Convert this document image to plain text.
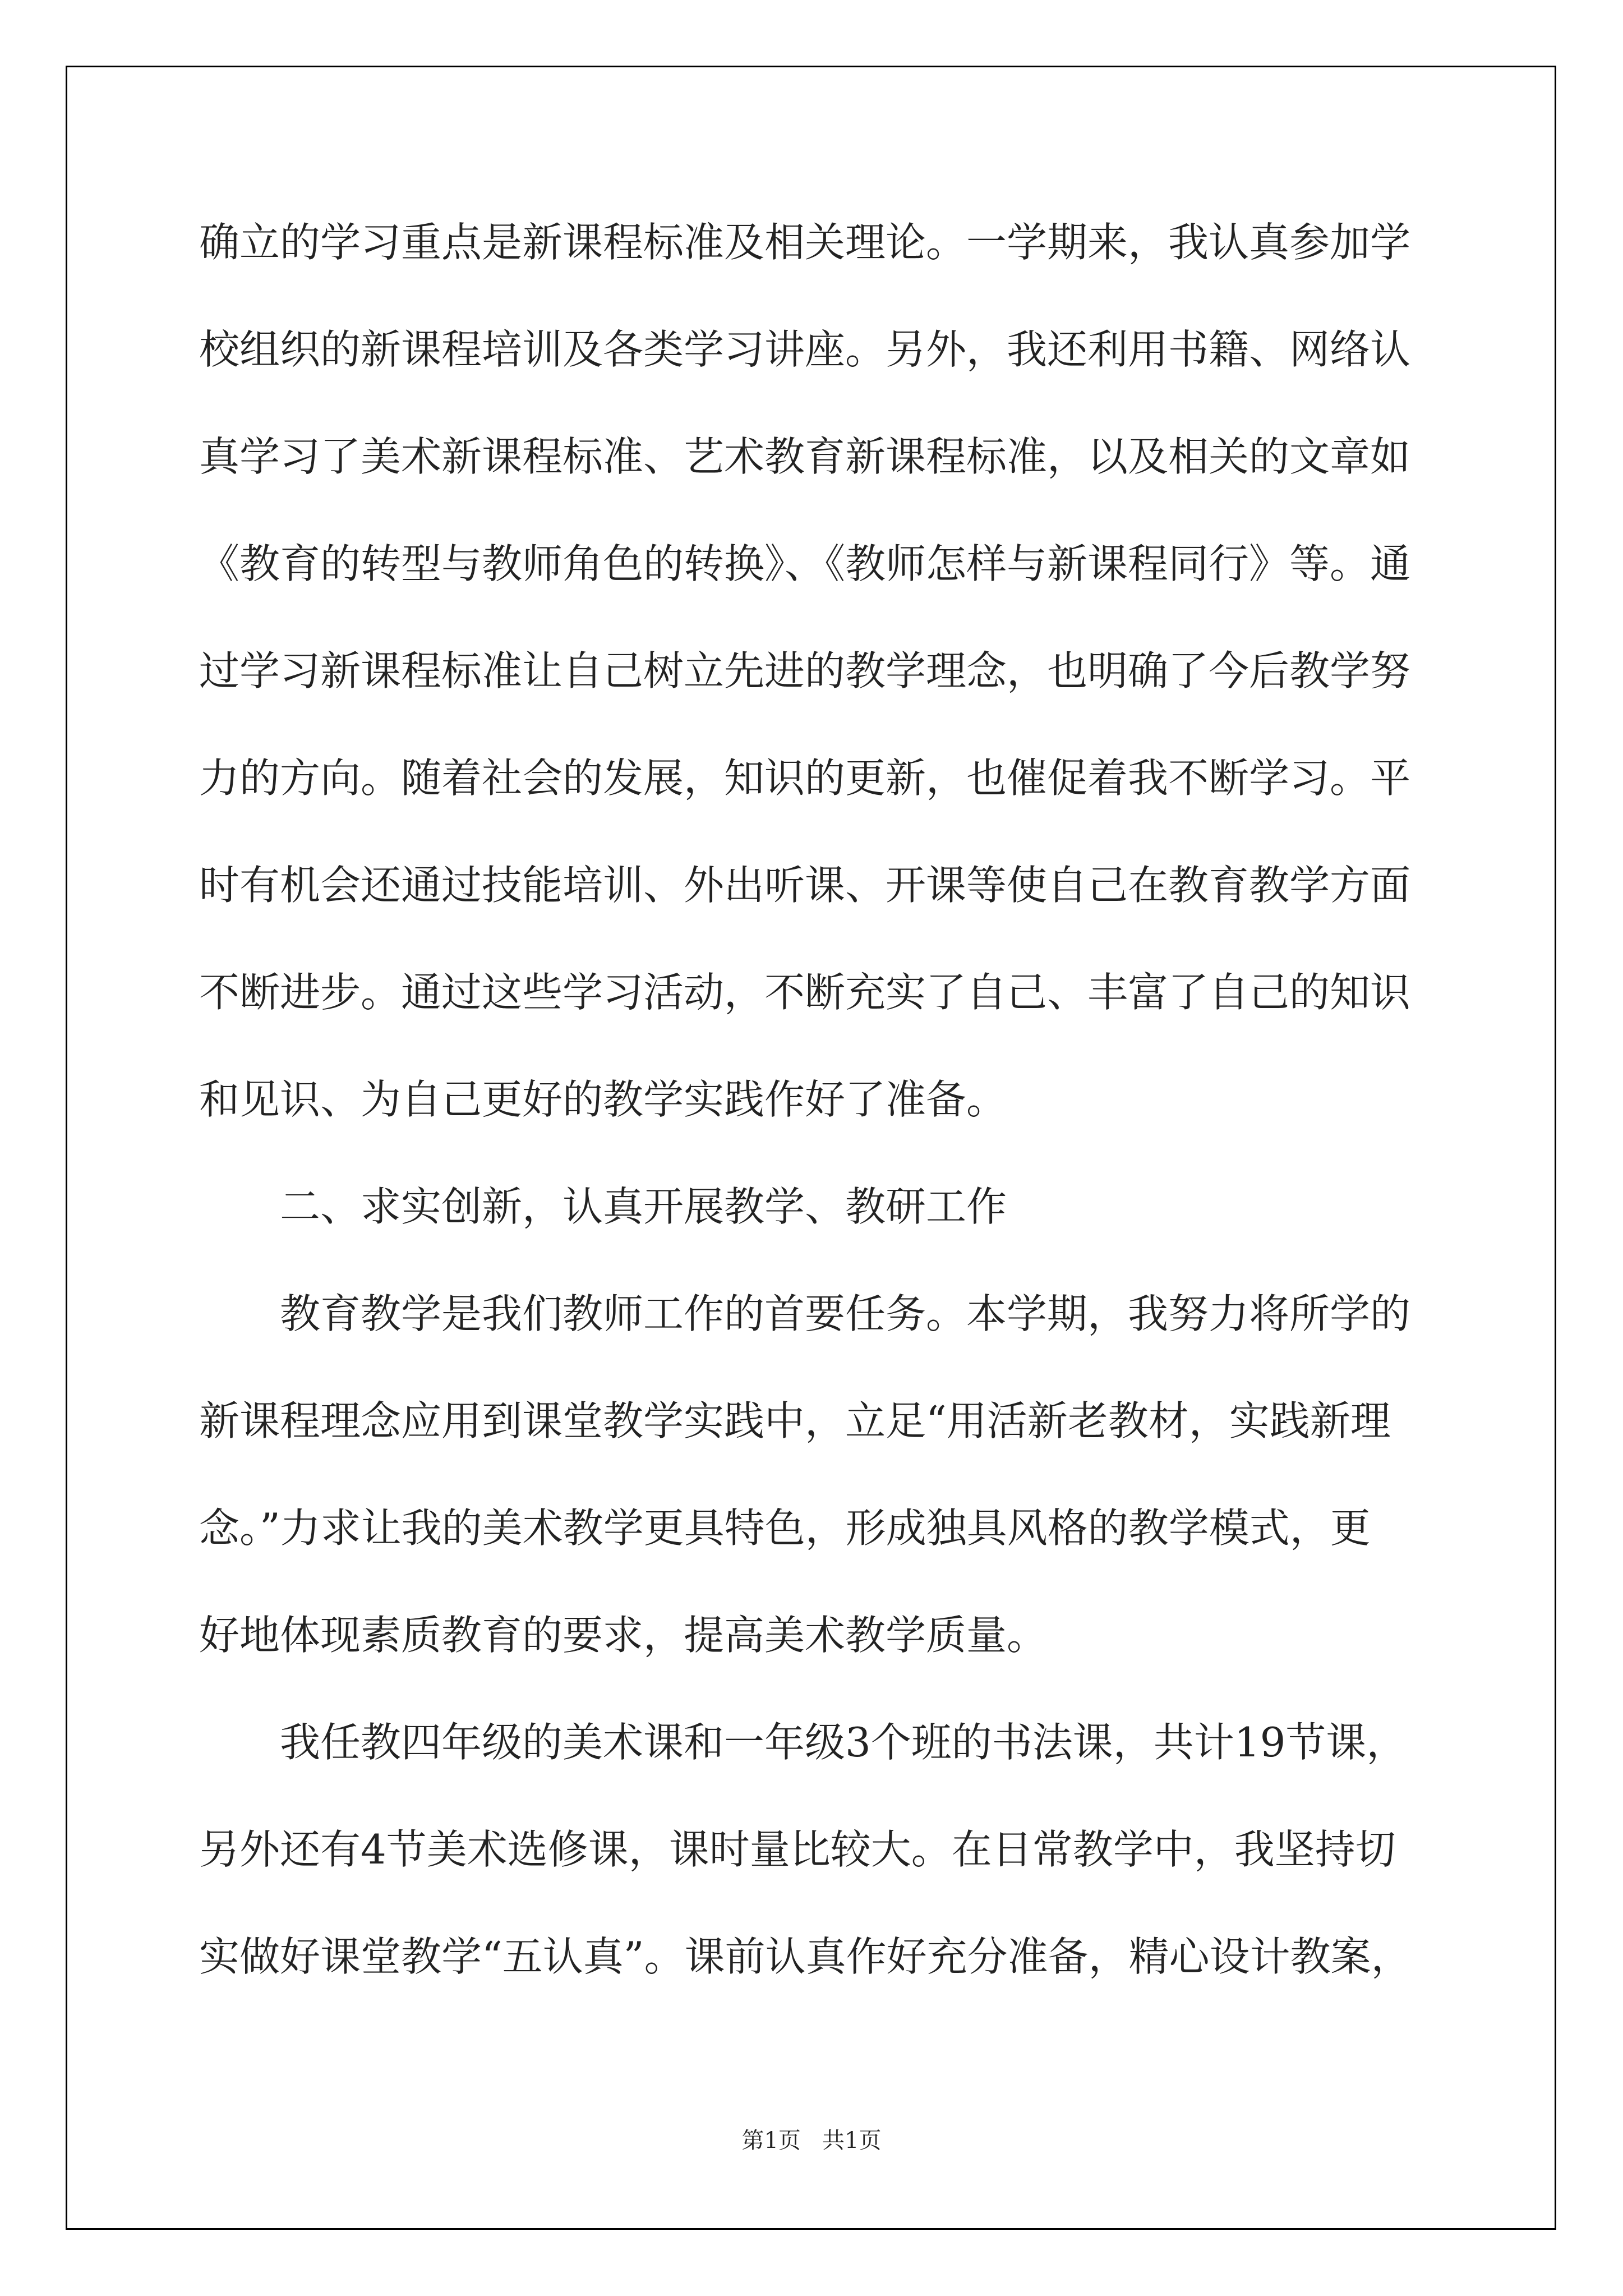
确立的学习重点是新课程标准及相关理论。一学期来，我认真参加学
校组织的新课程培训及各类学习讲座。另外，我还利用书籍、网络认
真学习了美术新课程标准、艺术教育新课程标准，以及相关的文章如
《教育的转型与教师角色的转换》、《教师怎样与新课程同行》等。通
过学习新课程标准让自己树立先进的教学理念，也明确了今后教学努
力的方向。随着社会的发展，知识的更新，也催促着我不断学习。平
时有机会还通过技能培训、外出听课、开课等使自己在教育教学方面
不断进步。通过这些学习活动，不断充实了自己、丰富了自己的知识
和见识、为自己更好的教学实践作好了准备。
二、求实创新，认真开展教学、教研工作
教育教学是我们教师工作的首要任务。本学期，我努力将所学的
新课程理念应用到课堂教学实践中，立足“用活新老教材，实践新理
念。”力求让我的美术教学更具特色，形成独具风格的教学模式，更
好地体现素质教育的要求，提高美术教学质量。
我任教四年级的美术课和一年级3个班的书法课，共计19节课，
另外还有4节美术选修课，课时量比较大。在日常教学中，我坚持切
实做好课堂教学“五认真”。课前认真作好充分准备，精心设计教案，
第1页   共1页
